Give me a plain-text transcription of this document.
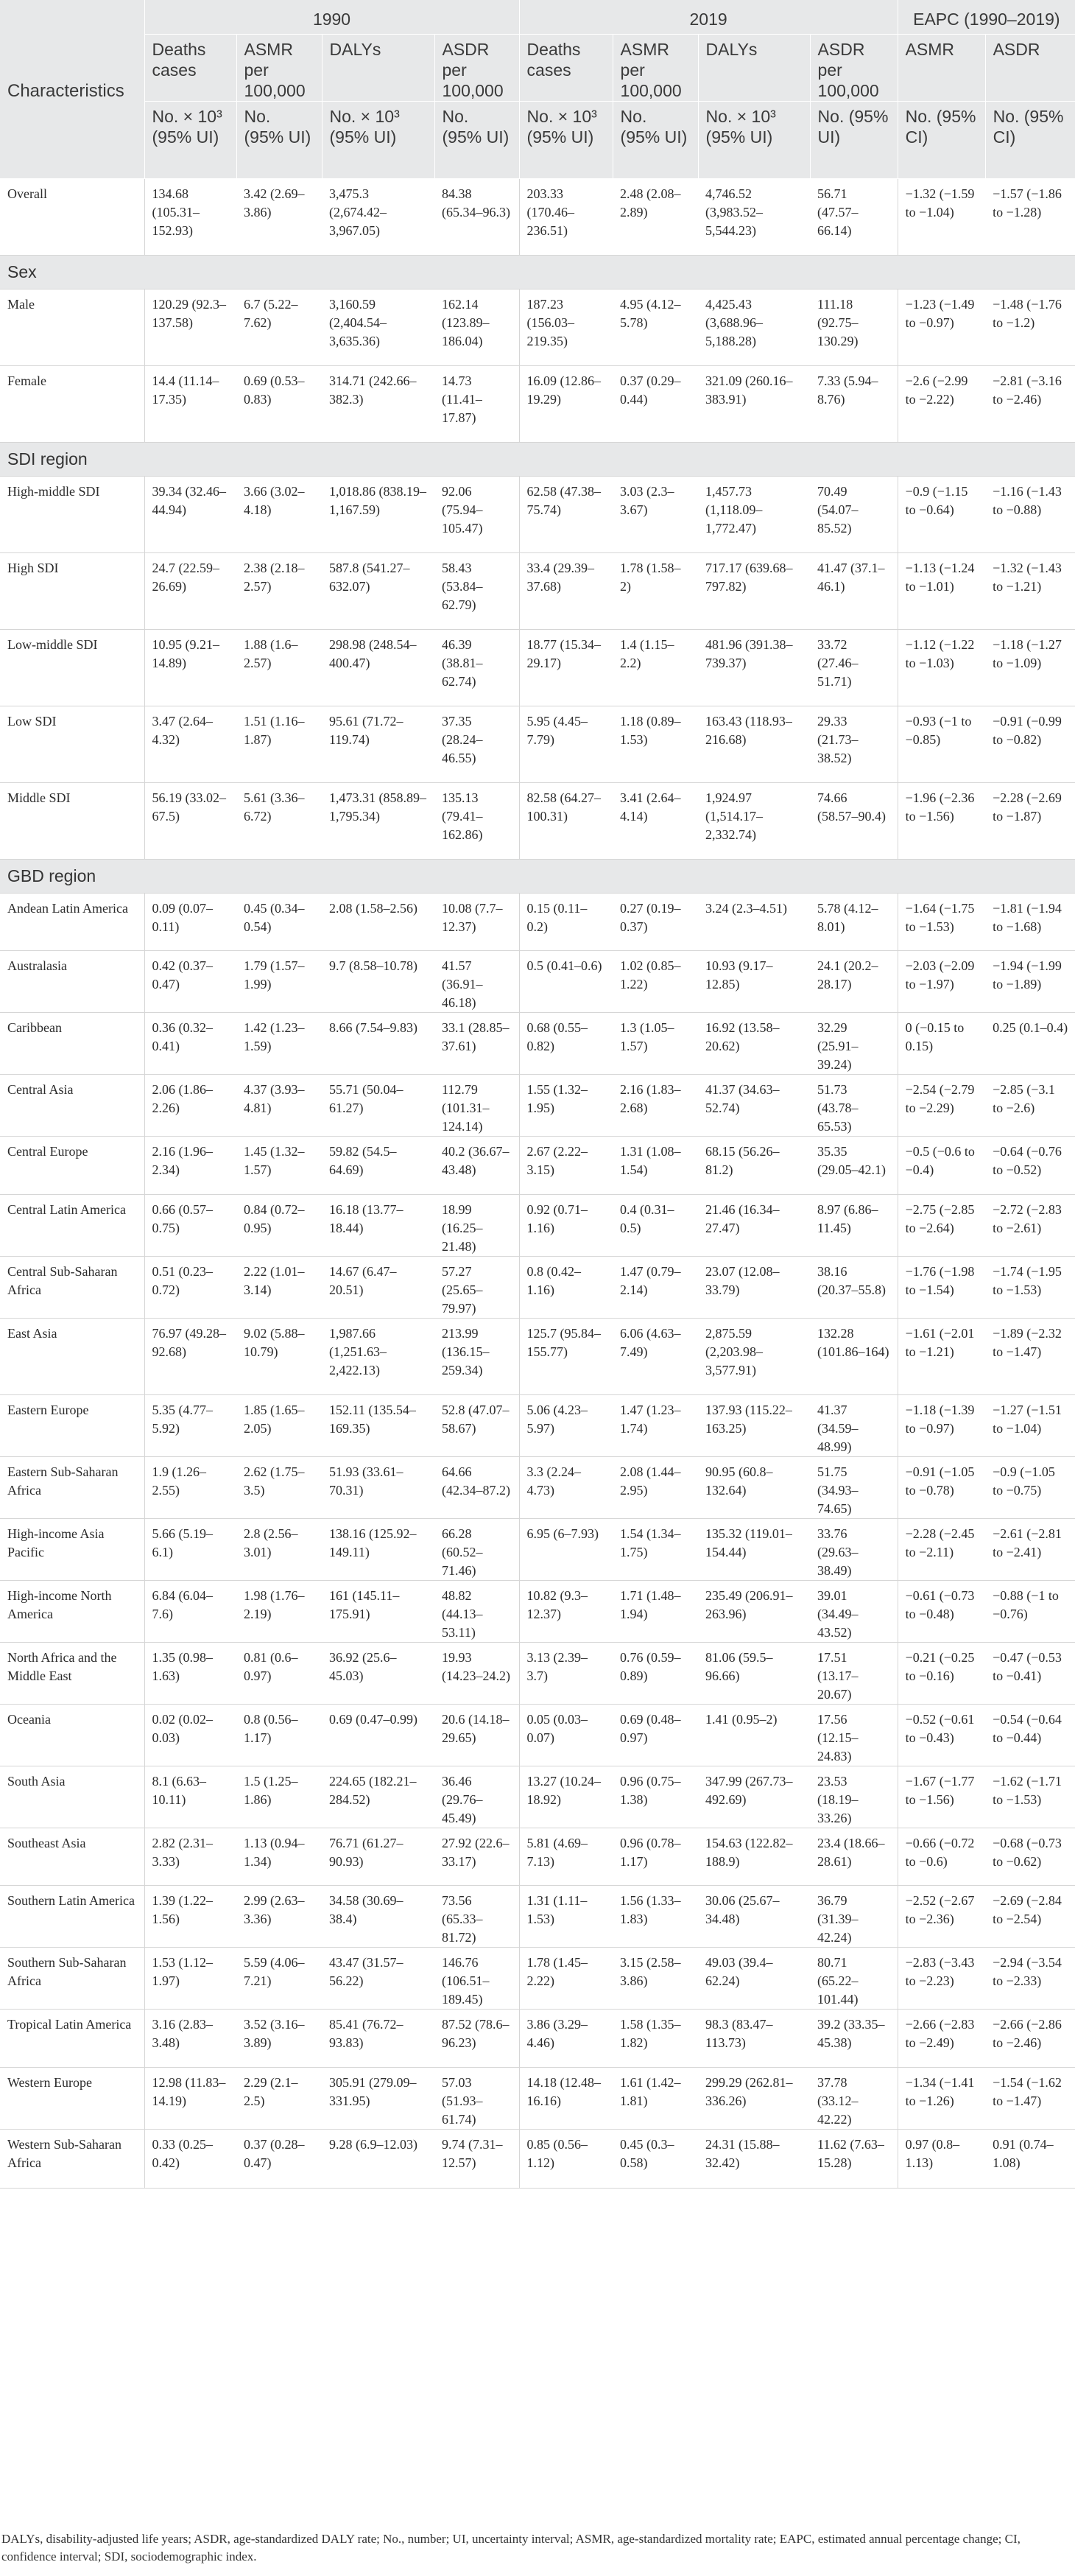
Characteristics	1990				2019				EAPC (1990–2019)	
	Deaths cases	ASMR per 100,000	DALYs	ASDR per 100,000	Deaths cases	ASMR per 100,000	DALYs	ASDR per 100,000	ASMR	ASDR
	No. × 10³ (95% UI)	No. (95% UI)	No. × 10³ (95% UI)	No. (95% UI)	No. × 10³ (95% UI)	No. (95% UI)	No. × 10³ (95% UI)	No. (95% UI)	No. (95% CI)	No. (95% CI)
Overall	134.68 (105.31–152.93)	3.42 (2.69–3.86)	3,475.3 (2,674.42–3,967.05)	84.38 (65.34–96.3)	203.33 (170.46–236.51)	2.48 (2.08–2.89)	4,746.52 (3,983.52–5,544.23)	56.71 (47.57–66.14)	−1.32 (−1.59 to −1.04)	−1.57 (−1.86 to −1.28)
Sex										
Male	120.29 (92.3–137.58)	6.7 (5.22–7.62)	3,160.59 (2,404.54–3,635.36)	162.14 (123.89–186.04)	187.23 (156.03–219.35)	4.95 (4.12–5.78)	4,425.43 (3,688.96–5,188.28)	111.18 (92.75–130.29)	−1.23 (−1.49 to −0.97)	−1.48 (−1.76 to −1.2)
Female	14.4 (11.14–17.35)	0.69 (0.53–0.83)	314.71 (242.66–382.3)	14.73 (11.41–17.87)	16.09 (12.86–19.29)	0.37 (0.29–0.44)	321.09 (260.16–383.91)	7.33 (5.94–8.76)	−2.6 (−2.99 to −2.22)	−2.81 (−3.16 to −2.46)
SDI region										
High-middle SDI	39.34 (32.46–44.94)	3.66 (3.02–4.18)	1,018.86 (838.19–1,167.59)	92.06 (75.94–105.47)	62.58 (47.38–75.74)	3.03 (2.3–3.67)	1,457.73 (1,118.09–1,772.47)	70.49 (54.07–85.52)	−0.9 (−1.15 to −0.64)	−1.16 (−1.43 to −0.88)
High SDI	24.7 (22.59–26.69)	2.38 (2.18–2.57)	587.8 (541.27–632.07)	58.43 (53.84–62.79)	33.4 (29.39–37.68)	1.78 (1.58–2)	717.17 (639.68–797.82)	41.47 (37.1–46.1)	−1.13 (−1.24 to −1.01)	−1.32 (−1.43 to −1.21)
Low-middle SDI	10.95 (9.21–14.89)	1.88 (1.6–2.57)	298.98 (248.54–400.47)	46.39 (38.81–62.74)	18.77 (15.34–29.17)	1.4 (1.15–2.2)	481.96 (391.38–739.37)	33.72 (27.46–51.71)	−1.12 (−1.22 to −1.03)	−1.18 (−1.27 to −1.09)
Low SDI	3.47 (2.64–4.32)	1.51 (1.16–1.87)	95.61 (71.72–119.74)	37.35 (28.24–46.55)	5.95 (4.45–7.79)	1.18 (0.89–1.53)	163.43 (118.93–216.68)	29.33 (21.73–38.52)	−0.93 (−1 to −0.85)	−0.91 (−0.99 to −0.82)
Middle SDI	56.19 (33.02–67.5)	5.61 (3.36–6.72)	1,473.31 (858.89–1,795.34)	135.13 (79.41–162.86)	82.58 (64.27–100.31)	3.41 (2.64–4.14)	1,924.97 (1,514.17–2,332.74)	74.66 (58.57–90.4)	−1.96 (−2.36 to −1.56)	−2.28 (−2.69 to −1.87)
GBD region										
Andean Latin America	0.09 (0.07–0.11)	0.45 (0.34–0.54)	2.08 (1.58–2.56)	10.08 (7.7–12.37)	0.15 (0.11–0.2)	0.27 (0.19–0.37)	3.24 (2.3–4.51)	5.78 (4.12–8.01)	−1.64 (−1.75 to −1.53)	−1.81 (−1.94 to −1.68)
Australasia	0.42 (0.37–0.47)	1.79 (1.57–1.99)	9.7 (8.58–10.78)	41.57 (36.91–46.18)	0.5 (0.41–0.6)	1.02 (0.85–1.22)	10.93 (9.17–12.85)	24.1 (20.2–28.17)	−2.03 (−2.09 to −1.97)	−1.94 (−1.99 to −1.89)
Caribbean	0.36 (0.32–0.41)	1.42 (1.23–1.59)	8.66 (7.54–9.83)	33.1 (28.85–37.61)	0.68 (0.55–0.82)	1.3 (1.05–1.57)	16.92 (13.58–20.62)	32.29 (25.91–39.24)	0 (−0.15 to 0.15)	0.25 (0.1–0.4)
Central Asia	2.06 (1.86–2.26)	4.37 (3.93–4.81)	55.71 (50.04–61.27)	112.79 (101.31–124.14)	1.55 (1.32–1.95)	2.16 (1.83–2.68)	41.37 (34.63–52.74)	51.73 (43.78–65.53)	−2.54 (−2.79 to −2.29)	−2.85 (−3.1 to −2.6)
Central Europe	2.16 (1.96–2.34)	1.45 (1.32–1.57)	59.82 (54.5–64.69)	40.2 (36.67–43.48)	2.67 (2.22–3.15)	1.31 (1.08–1.54)	68.15 (56.26–81.2)	35.35 (29.05–42.1)	−0.5 (−0.6 to −0.4)	−0.64 (−0.76 to −0.52)
Central Latin America	0.66 (0.57–0.75)	0.84 (0.72–0.95)	16.18 (13.77–18.44)	18.99 (16.25–21.48)	0.92 (0.71–1.16)	0.4 (0.31–0.5)	21.46 (16.34–27.47)	8.97 (6.86–11.45)	−2.75 (−2.85 to −2.64)	−2.72 (−2.83 to −2.61)
Central Sub-Saharan Africa	0.51 (0.23–0.72)	2.22 (1.01–3.14)	14.67 (6.47–20.51)	57.27 (25.65–79.97)	0.8 (0.42–1.16)	1.47 (0.79–2.14)	23.07 (12.08–33.79)	38.16 (20.37–55.8)	−1.76 (−1.98 to −1.54)	−1.74 (−1.95 to −1.53)
East Asia	76.97 (49.28–92.68)	9.02 (5.88–10.79)	1,987.66 (1,251.63–2,422.13)	213.99 (136.15–259.34)	125.7 (95.84–155.77)	6.06 (4.63–7.49)	2,875.59 (2,203.98–3,577.91)	132.28 (101.86–164)	−1.61 (−2.01 to −1.21)	−1.89 (−2.32 to −1.47)
Eastern Europe	5.35 (4.77–5.92)	1.85 (1.65–2.05)	152.11 (135.54–169.35)	52.8 (47.07–58.67)	5.06 (4.23–5.97)	1.47 (1.23–1.74)	137.93 (115.22–163.25)	41.37 (34.59–48.99)	−1.18 (−1.39 to −0.97)	−1.27 (−1.51 to −1.04)
Eastern Sub-Saharan Africa	1.9 (1.26–2.55)	2.62 (1.75–3.5)	51.93 (33.61–70.31)	64.66 (42.34–87.2)	3.3 (2.24–4.73)	2.08 (1.44–2.95)	90.95 (60.8–132.64)	51.75 (34.93–74.65)	−0.91 (−1.05 to −0.78)	−0.9 (−1.05 to −0.75)
High-income Asia Pacific	5.66 (5.19–6.1)	2.8 (2.56–3.01)	138.16 (125.92–149.11)	66.28 (60.52–71.46)	6.95 (6–7.93)	1.54 (1.34–1.75)	135.32 (119.01–154.44)	33.76 (29.63–38.49)	−2.28 (−2.45 to −2.11)	−2.61 (−2.81 to −2.41)
High-income North America	6.84 (6.04–7.6)	1.98 (1.76–2.19)	161 (145.11–175.91)	48.82 (44.13–53.11)	10.82 (9.3–12.37)	1.71 (1.48–1.94)	235.49 (206.91–263.96)	39.01 (34.49–43.52)	−0.61 (−0.73 to −0.48)	−0.88 (−1 to −0.76)
North Africa and the Middle East	1.35 (0.98–1.63)	0.81 (0.6–0.97)	36.92 (25.6–45.03)	19.93 (14.23–24.2)	3.13 (2.39–3.7)	0.76 (0.59–0.89)	81.06 (59.5–96.66)	17.51 (13.17–20.67)	−0.21 (−0.25 to −0.16)	−0.47 (−0.53 to −0.41)
Oceania	0.02 (0.02–0.03)	0.8 (0.56–1.17)	0.69 (0.47–0.99)	20.6 (14.18–29.65)	0.05 (0.03–0.07)	0.69 (0.48–0.97)	1.41 (0.95–2)	17.56 (12.15–24.83)	−0.52 (−0.61 to −0.43)	−0.54 (−0.64 to −0.44)
South Asia	8.1 (6.63–10.11)	1.5 (1.25–1.86)	224.65 (182.21–284.52)	36.46 (29.76–45.49)	13.27 (10.24–18.92)	0.96 (0.75–1.38)	347.99 (267.73–492.69)	23.53 (18.19–33.26)	−1.67 (−1.77 to −1.56)	−1.62 (−1.71 to −1.53)
Southeast Asia	2.82 (2.31–3.33)	1.13 (0.94–1.34)	76.71 (61.27–90.93)	27.92 (22.6–33.17)	5.81 (4.69–7.13)	0.96 (0.78–1.17)	154.63 (122.82–188.9)	23.4 (18.66–28.61)	−0.66 (−0.72 to −0.6)	−0.68 (−0.73 to −0.62)
Southern Latin America	1.39 (1.22–1.56)	2.99 (2.63–3.36)	34.58 (30.69–38.4)	73.56 (65.33–81.72)	1.31 (1.11–1.53)	1.56 (1.33–1.83)	30.06 (25.67–34.48)	36.79 (31.39–42.24)	−2.52 (−2.67 to −2.36)	−2.69 (−2.84 to −2.54)
Southern Sub-Saharan Africa	1.53 (1.12–1.97)	5.59 (4.06–7.21)	43.47 (31.57–56.22)	146.76 (106.51–189.45)	1.78 (1.45–2.22)	3.15 (2.58–3.86)	49.03 (39.4–62.24)	80.71 (65.22–101.44)	−2.83 (−3.43 to −2.23)	−2.94 (−3.54 to −2.33)
Tropical Latin America	3.16 (2.83–3.48)	3.52 (3.16–3.89)	85.41 (76.72–93.83)	87.52 (78.6–96.23)	3.86 (3.29–4.46)	1.58 (1.35–1.82)	98.3 (83.47–113.73)	39.2 (33.35–45.38)	−2.66 (−2.83 to −2.49)	−2.66 (−2.86 to −2.46)
Western Europe	12.98 (11.83–14.19)	2.29 (2.1–2.5)	305.91 (279.09–331.95)	57.03 (51.93–61.74)	14.18 (12.48–16.16)	1.61 (1.42–1.81)	299.29 (262.81–336.26)	37.78 (33.12–42.22)	−1.34 (−1.41 to −1.26)	−1.54 (−1.62 to −1.47)
Western Sub-Saharan Africa	0.33 (0.25–0.42)	0.37 (0.28–0.47)	9.28 (6.9–12.03)	9.74 (7.31–12.57)	0.85 (0.56–1.12)	0.45 (0.3–0.58)	24.31 (15.88–32.42)	11.62 (7.63–15.28)	0.97 (0.8–1.13)	0.91 (0.74–1.08)
DALYs, disability-adjusted life years; ASDR, age-standardized DALY rate; No., number; UI, uncertainty interval; ASMR, age-standardized mortality rate; EAPC, estimated annual percentage change; CI, confidence interval; SDI, sociodemographic index.
